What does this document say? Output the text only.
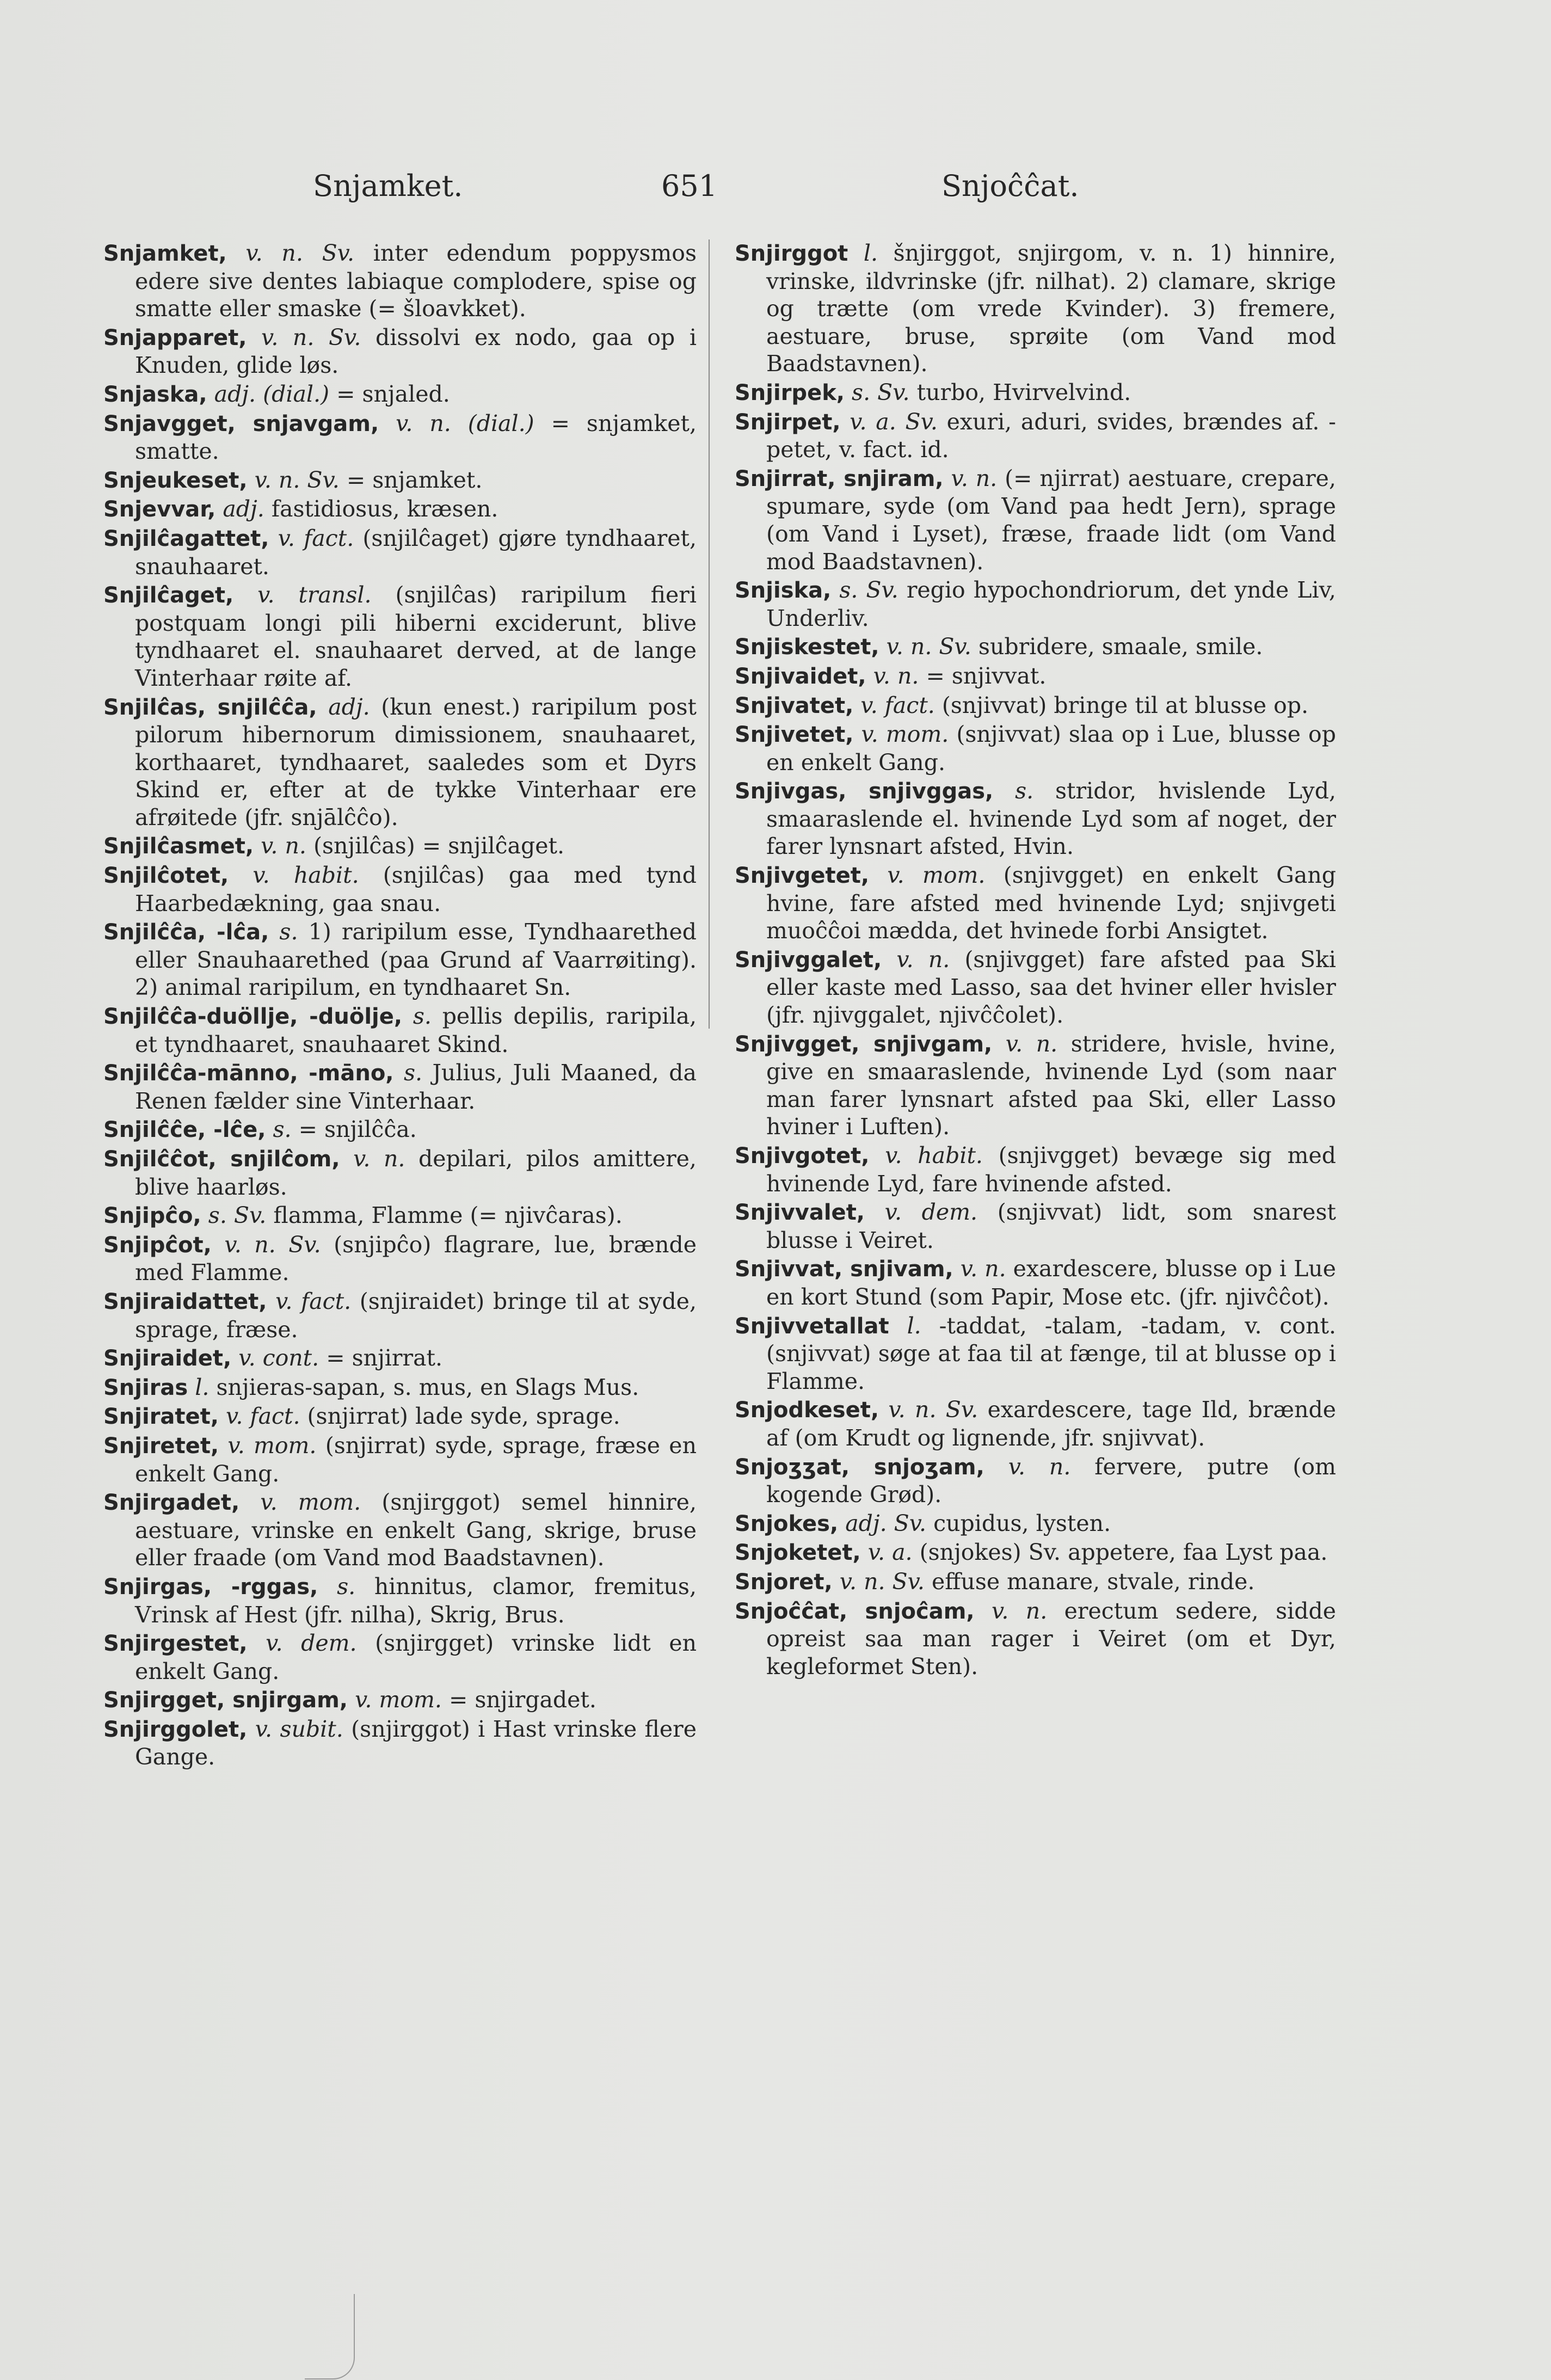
Snjamket.	651	Snjoĉĉat.

Snjamket, v. n. Sv. inter edendum poppysmos edere sive dentes labiaque complodere, spise og smatte eller smaske (= šloavkket).

Snjapparet, v. n. Sv. dissolvi ex nodo, gaa op i Knuden, glide løs.

Snjaska, adj. (dial.) = snjaled.

Snjavgget, snjavgam, v. n. (dial.) = snjamket, smatte.

Snjeukeset, v. n. Sv. = snjamket.

Snjevvar, adj. fastidiosus, kræsen.

Snjilĉagattet, v. fact. (snjilĉaget) gjøre tyndhaaret, snauhaaret.

Snjilĉaget, v. transl. (snjilĉas) raripilum fieri postquam longi pili hiberni exciderunt, blive tyndhaaret el. snauhaaret derved, at de lange Vinterhaar røite af.

Snjilĉas, snjilĉĉa, adj. (kun enest.) raripilum post pilorum hibernorum dimissionem, snauhaaret, korthaaret, tyndhaaret, saaledes som et Dyrs Skind er, efter at de tykke Vinterhaar ere afrøitede (jfr. snjālĉĉo).

Snjilĉasmet, v. n. (snjilĉas) = snjilĉaget.

Snjilĉotet, v. habit. (snjilĉas) gaa med tynd Haarbedækning, gaa snau.

Snjilĉĉa, -lĉa, s. 1) raripilum esse, Tyndhaarethed eller Snauhaarethed (paa Grund af Vaarrøiting). 2) animal raripilum, en tyndhaaret Sn.

Snjilĉĉa-duöllje, -duölje, s. pellis depilis, raripila, et tyndhaaret, snauhaaret Skind.

Snjilĉĉa-mānno, -māno, s. Julius, Juli Maaned, da Renen fælder sine Vinterhaar.

Snjilĉĉe, -lĉe, s. = snjilĉĉa.

Snjilĉĉot, snjilĉom, v. n. depilari, pilos amittere, blive haarløs.

Snjipĉo, s. Sv. flamma, Flamme (= njivĉaras).

Snjipĉot, v. n. Sv. (snjipĉo) flagrare, lue, brænde med Flamme.

Snjiraidattet, v. fact. (snjiraidet) bringe til at syde, sprage, fræse.

Snjiraidet, v. cont. = snjirrat.

Snjiras l. snjieras-sapan, s. mus, en Slags Mus.

Snjiratet, v. fact. (snjirrat) lade syde, sprage.

Snjiretet, v. mom. (snjirrat) syde, sprage, fræse en enkelt Gang.

Snjirgadet, v. mom. (snjirggot) semel hinnire, aestuare, vrinske en enkelt Gang, skrige, bruse eller fraade (om Vand mod Baadstavnen).

Snjirgas, -rggas, s. hinnitus, clamor, fremitus, Vrinsk af Hest (jfr. nilha), Skrig, Brus.

Snjirgestet, v. dem. (snjirgget) vrinske lidt en enkelt Gang.

Snjirgget, snjirgam, v. mom. = snjirgadet.

Snjirggolet, v. subit. (snjirggot) i Hast vrinske flere Gange.

Snjirggot l. šnjirggot, snjirgom, v. n. 1) hinnire, vrinske, ildvrinske (jfr. nilhat). 2) clamare, skrige og trætte (om vrede Kvinder). 3) fremere, aestuare, bruse, sprøite (om Vand mod Baadstavnen).

Snjirpek, s. Sv. turbo, Hvirvelvind.

Snjirpet, v. a. Sv. exuri, aduri, svides, brændes af. -petet, v. fact. id.

Snjirrat, snjiram, v. n. (= njirrat) aestuare, crepare, spumare, syde (om Vand paa hedt Jern), sprage (om Vand i Lyset), fræse, fraade lidt (om Vand mod Baadstavnen).

Snjiska, s. Sv. regio hypochondriorum, det ynde Liv, Underliv.

Snjiskestet, v. n. Sv. subridere, smaale, smile.

Snjivaidet, v. n. = snjivvat.

Snjivatet, v. fact. (snjivvat) bringe til at blusse op.

Snjivetet, v. mom. (snjivvat) slaa op i Lue, blusse op en enkelt Gang.

Snjivgas, snjivggas, s. stridor, hvislende Lyd, smaaraslende el. hvinende Lyd som af noget, der farer lynsnart afsted, Hvin.

Snjivgetet, v. mom. (snjivgget) en enkelt Gang hvine, fare afsted med hvinende Lyd; snjivgeti muoĉĉoi mædda, det hvinede forbi Ansigtet.

Snjivggalet, v. n. (snjivgget) fare afsted paa Ski eller kaste med Lasso, saa det hviner eller hvisler (jfr. njivggalet, njivĉĉolet).

Snjivgget, snjivgam, v. n. stridere, hvisle, hvine, give en smaaraslende, hvinende Lyd (som naar man farer lynsnart afsted paa Ski, eller Lasso hviner i Luften).

Snjivgotet, v. habit. (snjivgget) bevæge sig med hvinende Lyd, fare hvinende afsted.

Snjivvalet, v. dem. (snjivvat) lidt, som snarest blusse i Veiret.

Snjivvat, snjivam, v. n. exardescere, blusse op i Lue en kort Stund (som Papir, Mose etc. (jfr. njivĉĉot).

Snjivvetallat l. -taddat, -talam, -tadam, v. cont. (snjivvat) søge at faa til at fænge, til at blusse op i Flamme.

Snjodkeset, v. n. Sv. exardescere, tage Ild, brænde af (om Krudt og lignende, jfr. snjivvat).

Snjoʒʒat, snjoʒam, v. n. fervere, putre (om kogende Grød).

Snjokes, adj. Sv. cupidus, lysten.

Snjoketet, v. a. (snjokes) Sv. appetere, faa Lyst paa.

Snjoret, v. n. Sv. effuse manare, stvale, rinde.

Snjoĉĉat, snjoĉam, v. n. erectum sedere, sidde opreist saa man rager i Veiret (om et Dyr, kegleformet Sten).
